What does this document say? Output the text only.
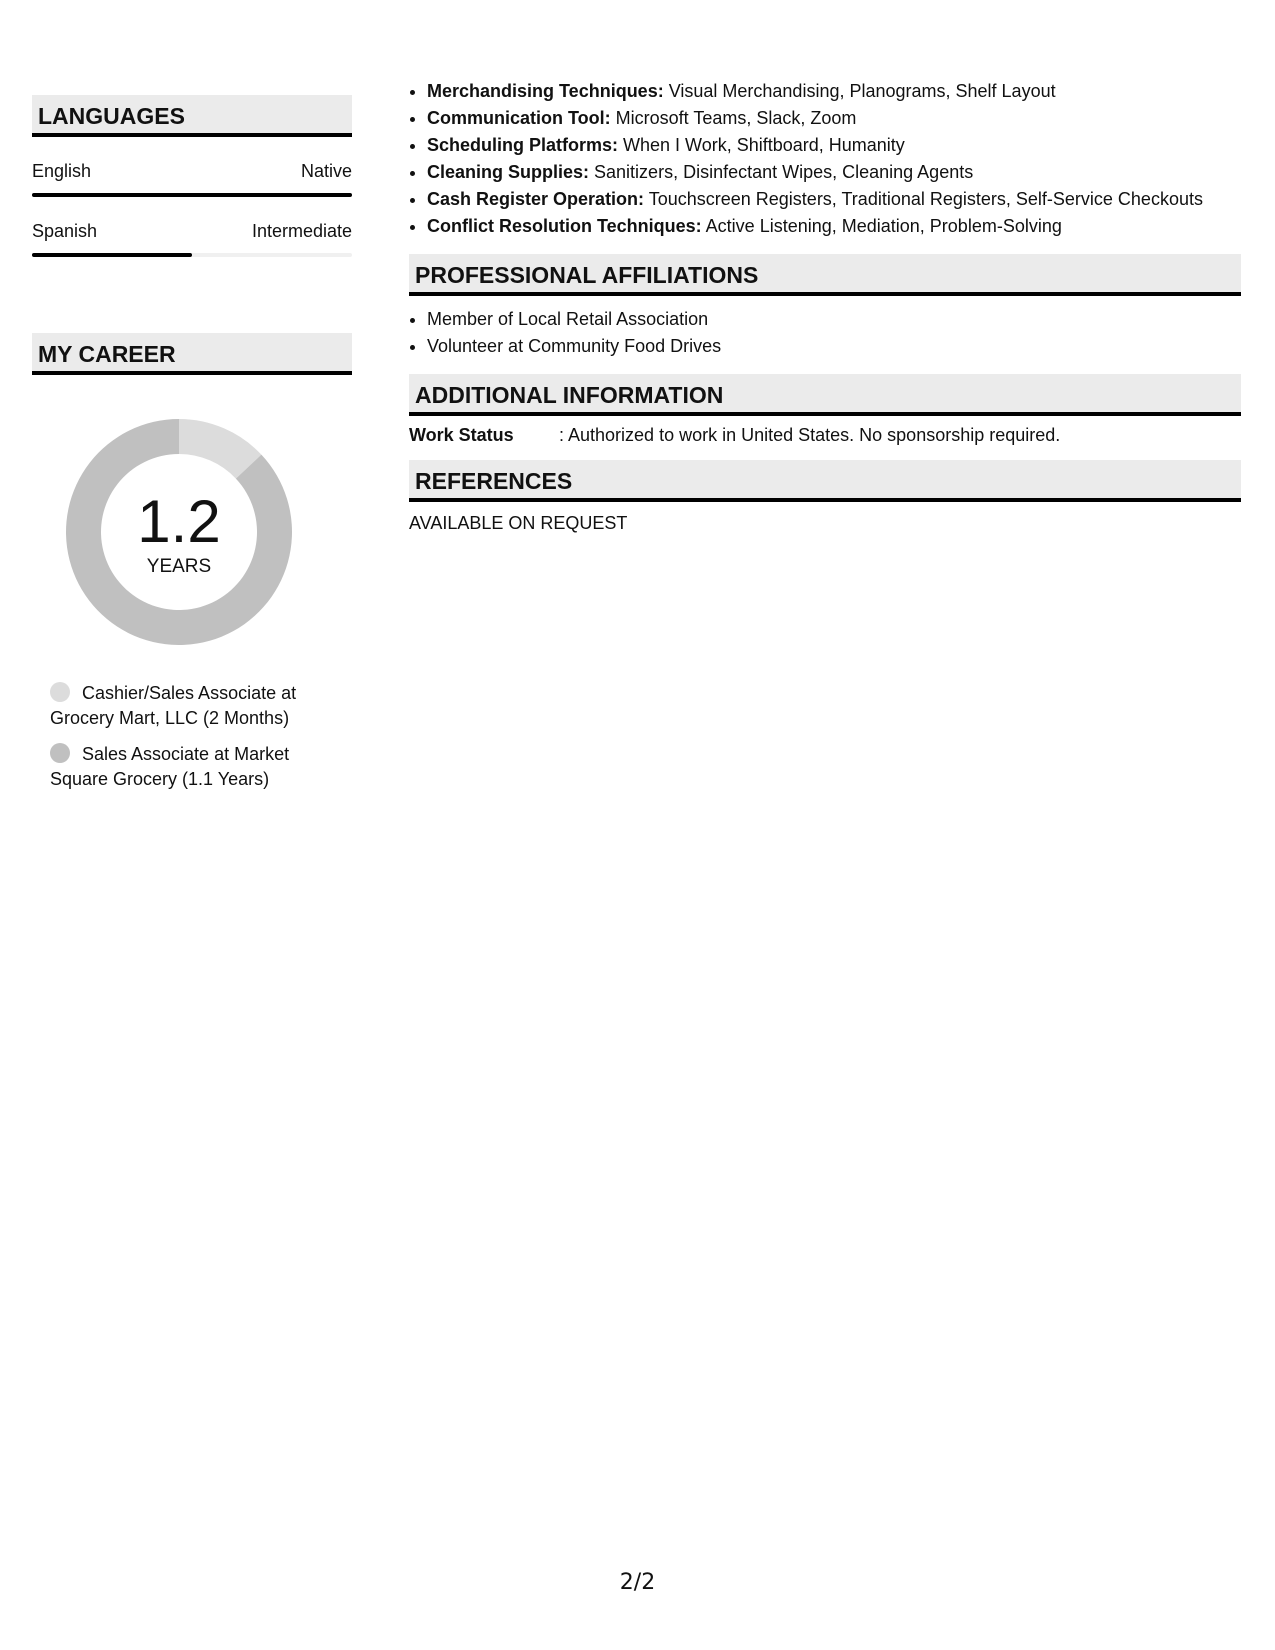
LANGUAGES
English	Native
Spanish	Intermediate
MY CAREER
1.2
YEARS
Cashier/Sales Associate at Grocery Mart, LLC (2 Months)
Sales Associate at Market Square Grocery (1.1 Years)
• Merchandising Techniques: Visual Merchandising, Planograms, Shelf Layout
• Communication Tool: Microsoft Teams, Slack, Zoom
• Scheduling Platforms: When I Work, Shiftboard, Humanity
• Cleaning Supplies: Sanitizers, Disinfectant Wipes, Cleaning Agents
• Cash Register Operation: Touchscreen Registers, Traditional Registers, Self-Service Checkouts
• Conflict Resolution Techniques: Active Listening, Mediation, Problem-Solving
PROFESSIONAL AFFILIATIONS
• Member of Local Retail Association
• Volunteer at Community Food Drives
ADDITIONAL INFORMATION
Work Status	: Authorized to work in United States. No sponsorship required.
REFERENCES
AVAILABLE ON REQUEST
2/2
